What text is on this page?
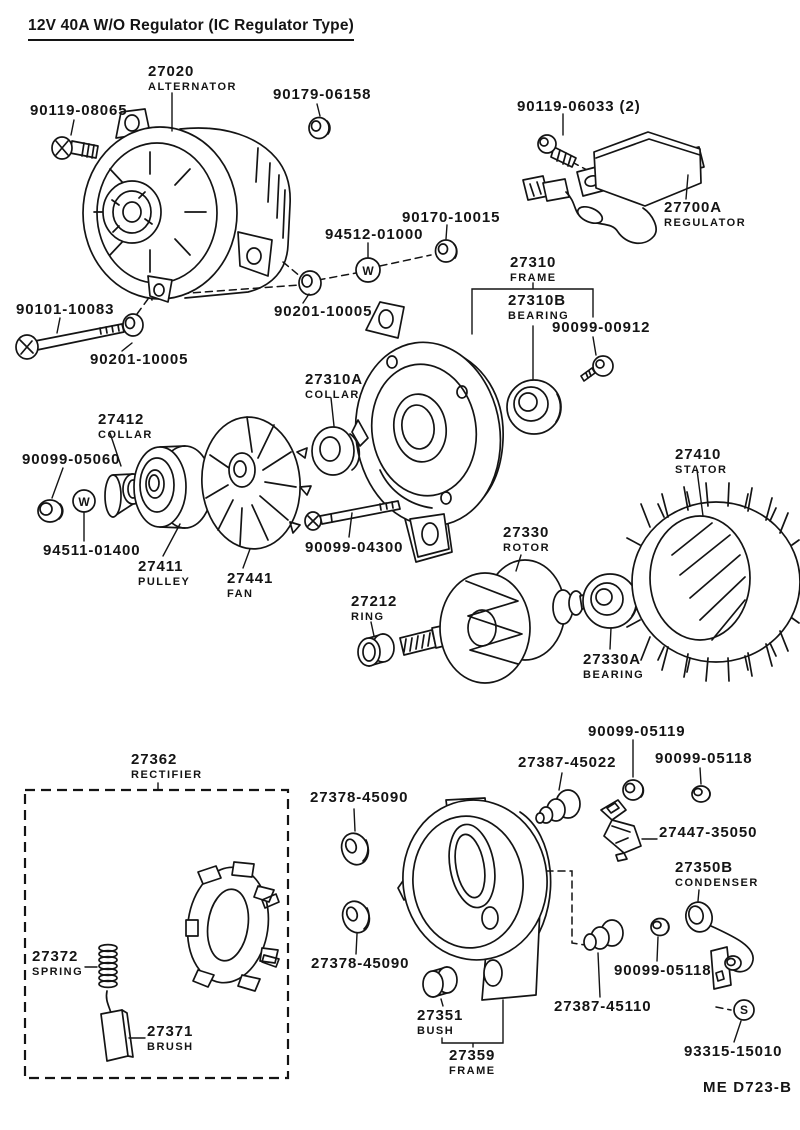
12V 40A W/O Regulator (IC Regulator Type)
W
W
S
90119-08065
27020
ALTERNATOR 90179-06158
90119-06033 (2)
27700A
REGULATOR
90170-10015
94512-01000
27310
FRAME
27310B
BEARING
90099-00912
90101-10083	90201-10005
90201-10005
27310A
COLLAR
27412
COLLAR
90099-05060	27410
STATOR
94511-01400
27411
PULLEY 27441
FAN
90099-04300
27330
ROTOR
27212
RING
27330A
BEARING
90099-05119
27387-45022	90099-05118
27362
RECTIFIER
27378-45090
27447-35050
27350B
CONDENSER
27372
SPRING	27378-45090	90099-05118
27371
BRUSH
27351
BUSH
27387-45110
27359
FRAME
93315-15010
ME D723-B
